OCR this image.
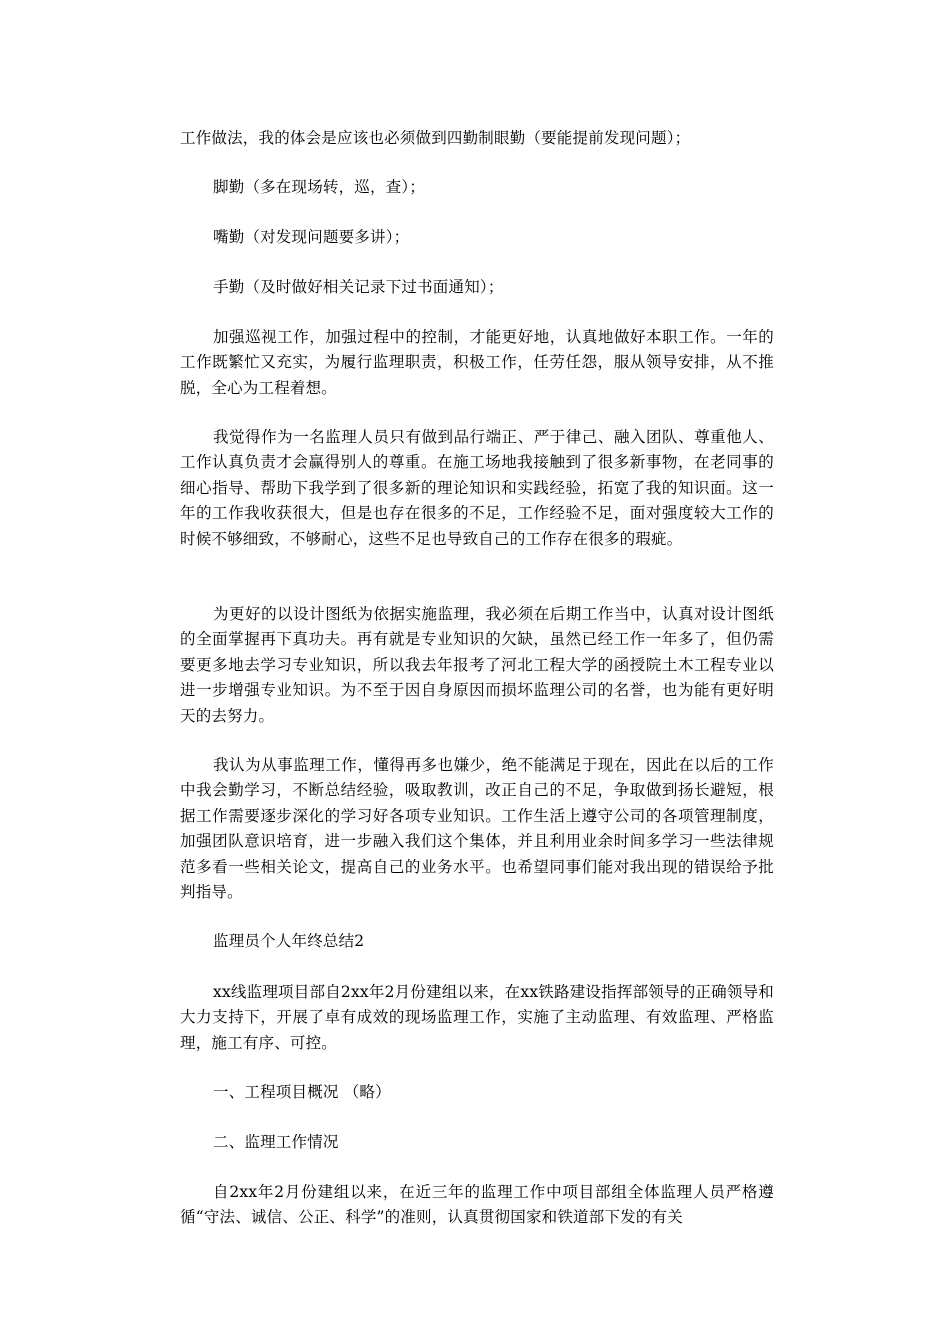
工作做法，我的体会是应该也必须做到四勤制眼勤（要能提前发现问题）；

脚勤（多在现场转，巡，查）；

嘴勤（对发现问题要多讲）；

手勤（及时做好相关记录下过书面通知）；

加强巡视工作，加强过程中的控制，才能更好地，认真地做好本职工作。一年的工作既繁忙又充实，为履行监理职责，积极工作，任劳任怨，服从领导安排，从不推脱，全心为工程着想。

我觉得作为一名监理人员只有做到品行端正、严于律己、融入团队、尊重他人、工作认真负责才会赢得别人的尊重。在施工场地我接触到了很多新事物，在老同事的细心指导、帮助下我学到了很多新的理论知识和实践经验，拓宽了我的知识面。这一年的工作我收获很大，但是也存在很多的不足，工作经验不足，面对强度较大工作的时候不够细致，不够耐心，这些不足也导致自己的工作存在很多的瑕疵。

为更好的以设计图纸为依据实施监理，我必须在后期工作当中，认真对设计图纸的全面掌握再下真功夫。再有就是专业知识的欠缺，虽然已经工作一年多了，但仍需要更多地去学习专业知识，所以我去年报考了河北工程大学的函授院土木工程专业以进一步增强专业知识。为不至于因自身原因而损坏监理公司的名誉，也为能有更好明天的去努力。

我认为从事监理工作，懂得再多也嫌少，绝不能满足于现在，因此在以后的工作中我会勤学习，不断总结经验，吸取教训，改正自己的不足，争取做到扬长避短，根据工作需要逐步深化的学习好各项专业知识。工作生活上遵守公司的各项管理制度，加强团队意识培育，进一步融入我们这个集体，并且利用业余时间多学习一些法律规范多看一些相关论文，提高自己的业务水平。也希望同事们能对我出现的错误给予批判指导。

监理员个人年终总结2

xx线监理项目部自2xx年2月份建组以来，在xx铁路建设指挥部领导的正确领导和大力支持下，开展了卓有成效的现场监理工作，实施了主动监理、有效监理、严格监理，施工有序、可控。

一、工程项目概况 （略）

二、监理工作情况

自2xx年2月份建组以来，在近三年的监理工作中项目部组全体监理人员严格遵循“守法、诚信、公正、科学”的准则，认真贯彻国家和铁道部下发的有关
